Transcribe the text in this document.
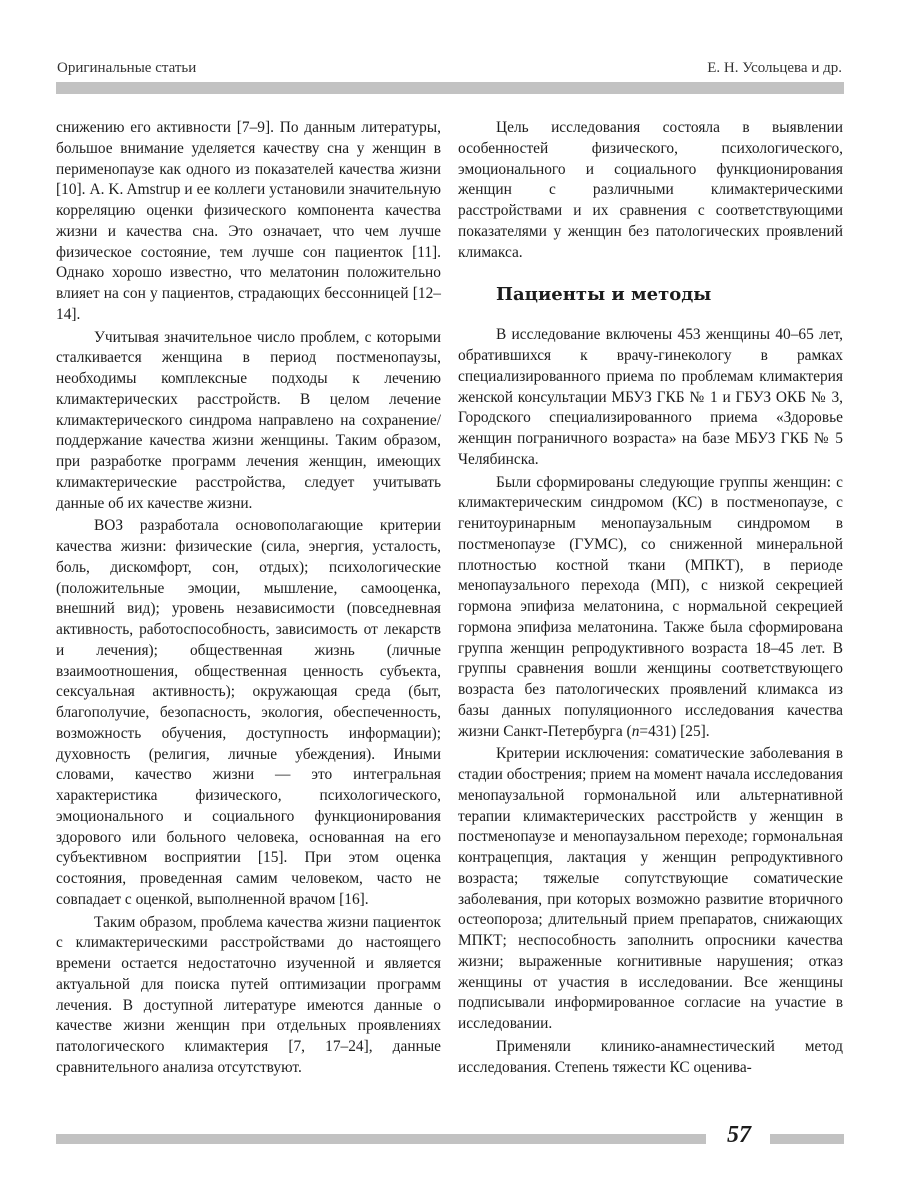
Оригинальные статьи	Е. Н. Усольцева и др.

снижению его активности [7–9]. По данным литературы, большое внимание уделяется качеству сна у женщин в перименопаузе как одного из показателей качества жизни [10]. A. K. Amstrup и ее коллеги установили значительную корреляцию оценки физического компонента качества жизни и качества сна. Это означает, что чем лучше физическое состояние, тем лучше сон пациенток [11]. Однако хорошо известно, что мелатонин положительно влияет на сон у пациентов, страдающих бессонницей [12–14].

Учитывая значительное число проблем, с которыми сталкивается женщина в период постменопаузы, необходимы комплексные подходы к лечению климактерических расстройств. В целом лечение климактерического синдрома направлено на сохранение/поддержание качества жизни женщины. Таким образом, при разработке программ лечения женщин, имеющих климактерические расстройства, следует учитывать данные об их качестве жизни.

ВОЗ разработала основополагающие критерии качества жизни: физические (сила, энергия, усталость, боль, дискомфорт, сон, отдых); психологические (положительные эмоции, мышление, самооценка, внешний вид); уровень независимости (повседневная активность, работоспособность, зависимость от лекарств и лечения); общественная жизнь (личные взаимоотношения, общественная ценность субъекта, сексуальная активность); окружающая среда (быт, благополучие, безопасность, экология, обеспеченность, возможность обучения, доступность информации); духовность (религия, личные убеждения). Иными словами, качество жизни — это интегральная характеристика физического, психологического, эмоционального и социального функционирования здорового или больного человека, основанная на его субъективном восприятии [15]. При этом оценка состояния, проведенная самим человеком, часто не совпадает с оценкой, выполненной врачом [16].

Таким образом, проблема качества жизни пациенток с климактерическими расстройствами до настоящего времени остается недостаточно изученной и является актуальной для поиска путей оптимизации программ лечения. В доступной литературе имеются данные о качестве жизни женщин при отдельных проявлениях патологического климактерия [7, 17–24], данные сравнительного анализа отсутствуют.

Цель исследования состояла в выявлении особенностей физического, психологического, эмоционального и социального функционирования женщин с различными климактерическими расстройствами и их сравнения с соответствующими показателями у женщин без патологических проявлений климакса.

Пациенты и методы

В исследование включены 453 женщины 40–65 лет, обратившихся к врачу-гинекологу в рамках специализированного приема по проблемам климактерия женской консультации МБУЗ ГКБ № 1 и ГБУЗ ОКБ № 3, Городского специализированного приема «Здоровье женщин пограничного возраста» на базе МБУЗ ГКБ № 5 Челябинска.

Были сформированы следующие группы женщин: с климактерическим синдромом (КС) в постменопаузе, с генитоуринарным менопаузальным синдромом в постменопаузе (ГУМС), со сниженной минеральной плотностью костной ткани (МПКТ), в периоде менопаузального перехода (МП), с низкой секрецией гормона эпифиза мелатонина, с нормальной секрецией гормона эпифиза мелатонина. Также была сформирована группа женщин репродуктивного возраста 18–45 лет. В группы сравнения вошли женщины соответствующего возраста без патологических проявлений климакса из базы данных популяционного исследования качества жизни Санкт-Петербурга (n=431) [25].

Критерии исключения: соматические заболевания в стадии обострения; прием на момент начала исследования менопаузальной гормональной или альтернативной терапии климактерических расстройств у женщин в постменопаузе и менопаузальном переходе; гормональная контрацепция, лактация у женщин репродуктивного возраста; тяжелые сопутствующие соматические заболевания, при которых возможно развитие вторичного остеопороза; длительный прием препаратов, снижающих МПКТ; неспособность заполнить опросники качества жизни; выраженные когнитивные нарушения; отказ женщины от участия в исследовании. Все женщины подписывали информированное согласие на участие в исследовании.

Применяли клинико-анамнестический метод исследования. Степень тяжести КС оценива-

57
